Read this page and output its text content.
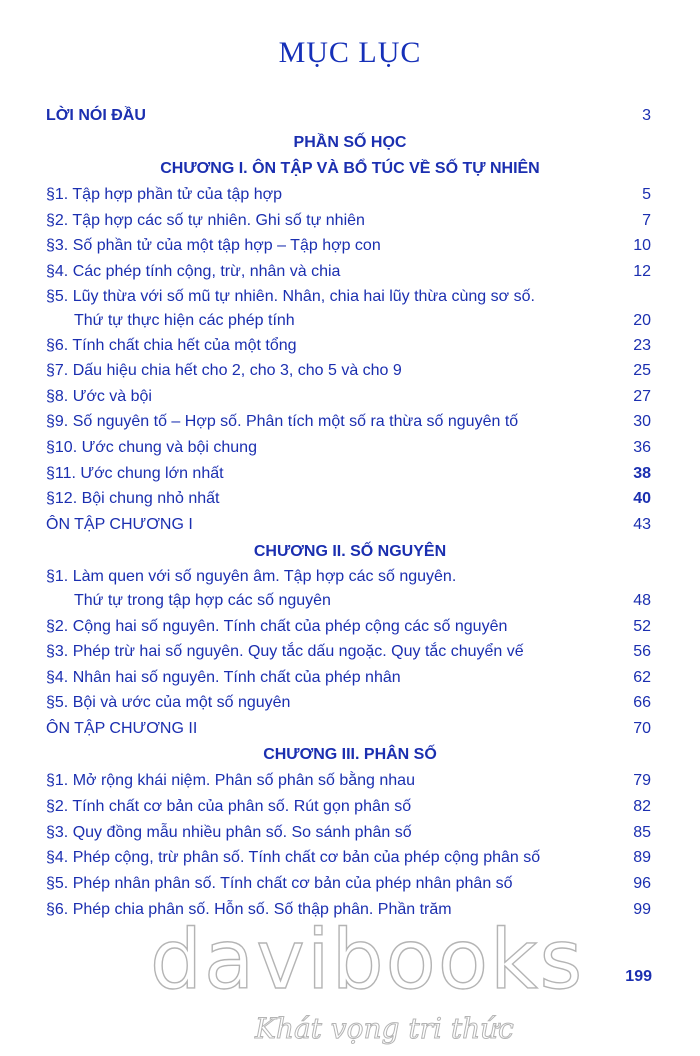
MỤC LỤC
LỜI NÓI ĐẦU	3
PHẦN SỐ HỌC
CHƯƠNG I. ÔN TẬP VÀ BỔ TÚC VỀ SỐ TỰ NHIÊN
§1. Tập hợp phần tử của tập hợp	5
§2. Tập hợp các số tự nhiên. Ghi số tự nhiên	7
§3. Số phần tử của một tập hợp – Tập hợp con	10
§4. Các phép tính cộng, trừ, nhân và chia	12
§5. Lũy thừa với số mũ tự nhiên. Nhân, chia hai lũy thừa cùng sơ số.
Thứ tự thực hiện các phép tính	20
§6. Tính chất chia hết của một tổng	23
§7. Dấu hiệu chia hết cho 2, cho 3, cho 5 và cho 9	25
§8. Ước và bội	27
§9. Số nguyên tố – Hợp số. Phân tích một số ra thừa số nguyên tố	30
§10. Ước chung và bội chung	36
§11. Ước chung lớn nhất	38
§12. Bội chung nhỏ nhất	40
ÔN TẬP CHƯƠNG I	43
CHƯƠNG II. SỐ NGUYÊN
§1. Làm quen với số nguyên âm. Tập hợp các số nguyên.
Thứ tự trong tập hợp các số nguyên	48
§2. Cộng hai số nguyên. Tính chất của phép cộng các số nguyên	52
§3. Phép trừ hai số nguyên. Quy tắc dấu ngoặc. Quy tắc chuyển vế	56
§4. Nhân hai số nguyên. Tính chất của phép nhân	62
§5. Bội và ước của một số nguyên	66
ÔN TẬP CHƯƠNG II	70
CHƯƠNG III. PHÂN SỐ
§1. Mở rộng khái niệm. Phân số phân số bằng nhau	79
§2. Tính chất cơ bản của phân số. Rút gọn phân số	82
§3. Quy đồng mẫu nhiều phân số. So sánh phân số	85
§4. Phép cộng, trừ phân số. Tính chất cơ bản của phép cộng phân số	89
§5. Phép nhân phân số. Tính chất cơ bản của phép nhân phân số	96
§6. Phép chia phân số. Hỗn số. Số thập phân. Phần trăm	99
davibooks
Khát vọng tri thức
199
